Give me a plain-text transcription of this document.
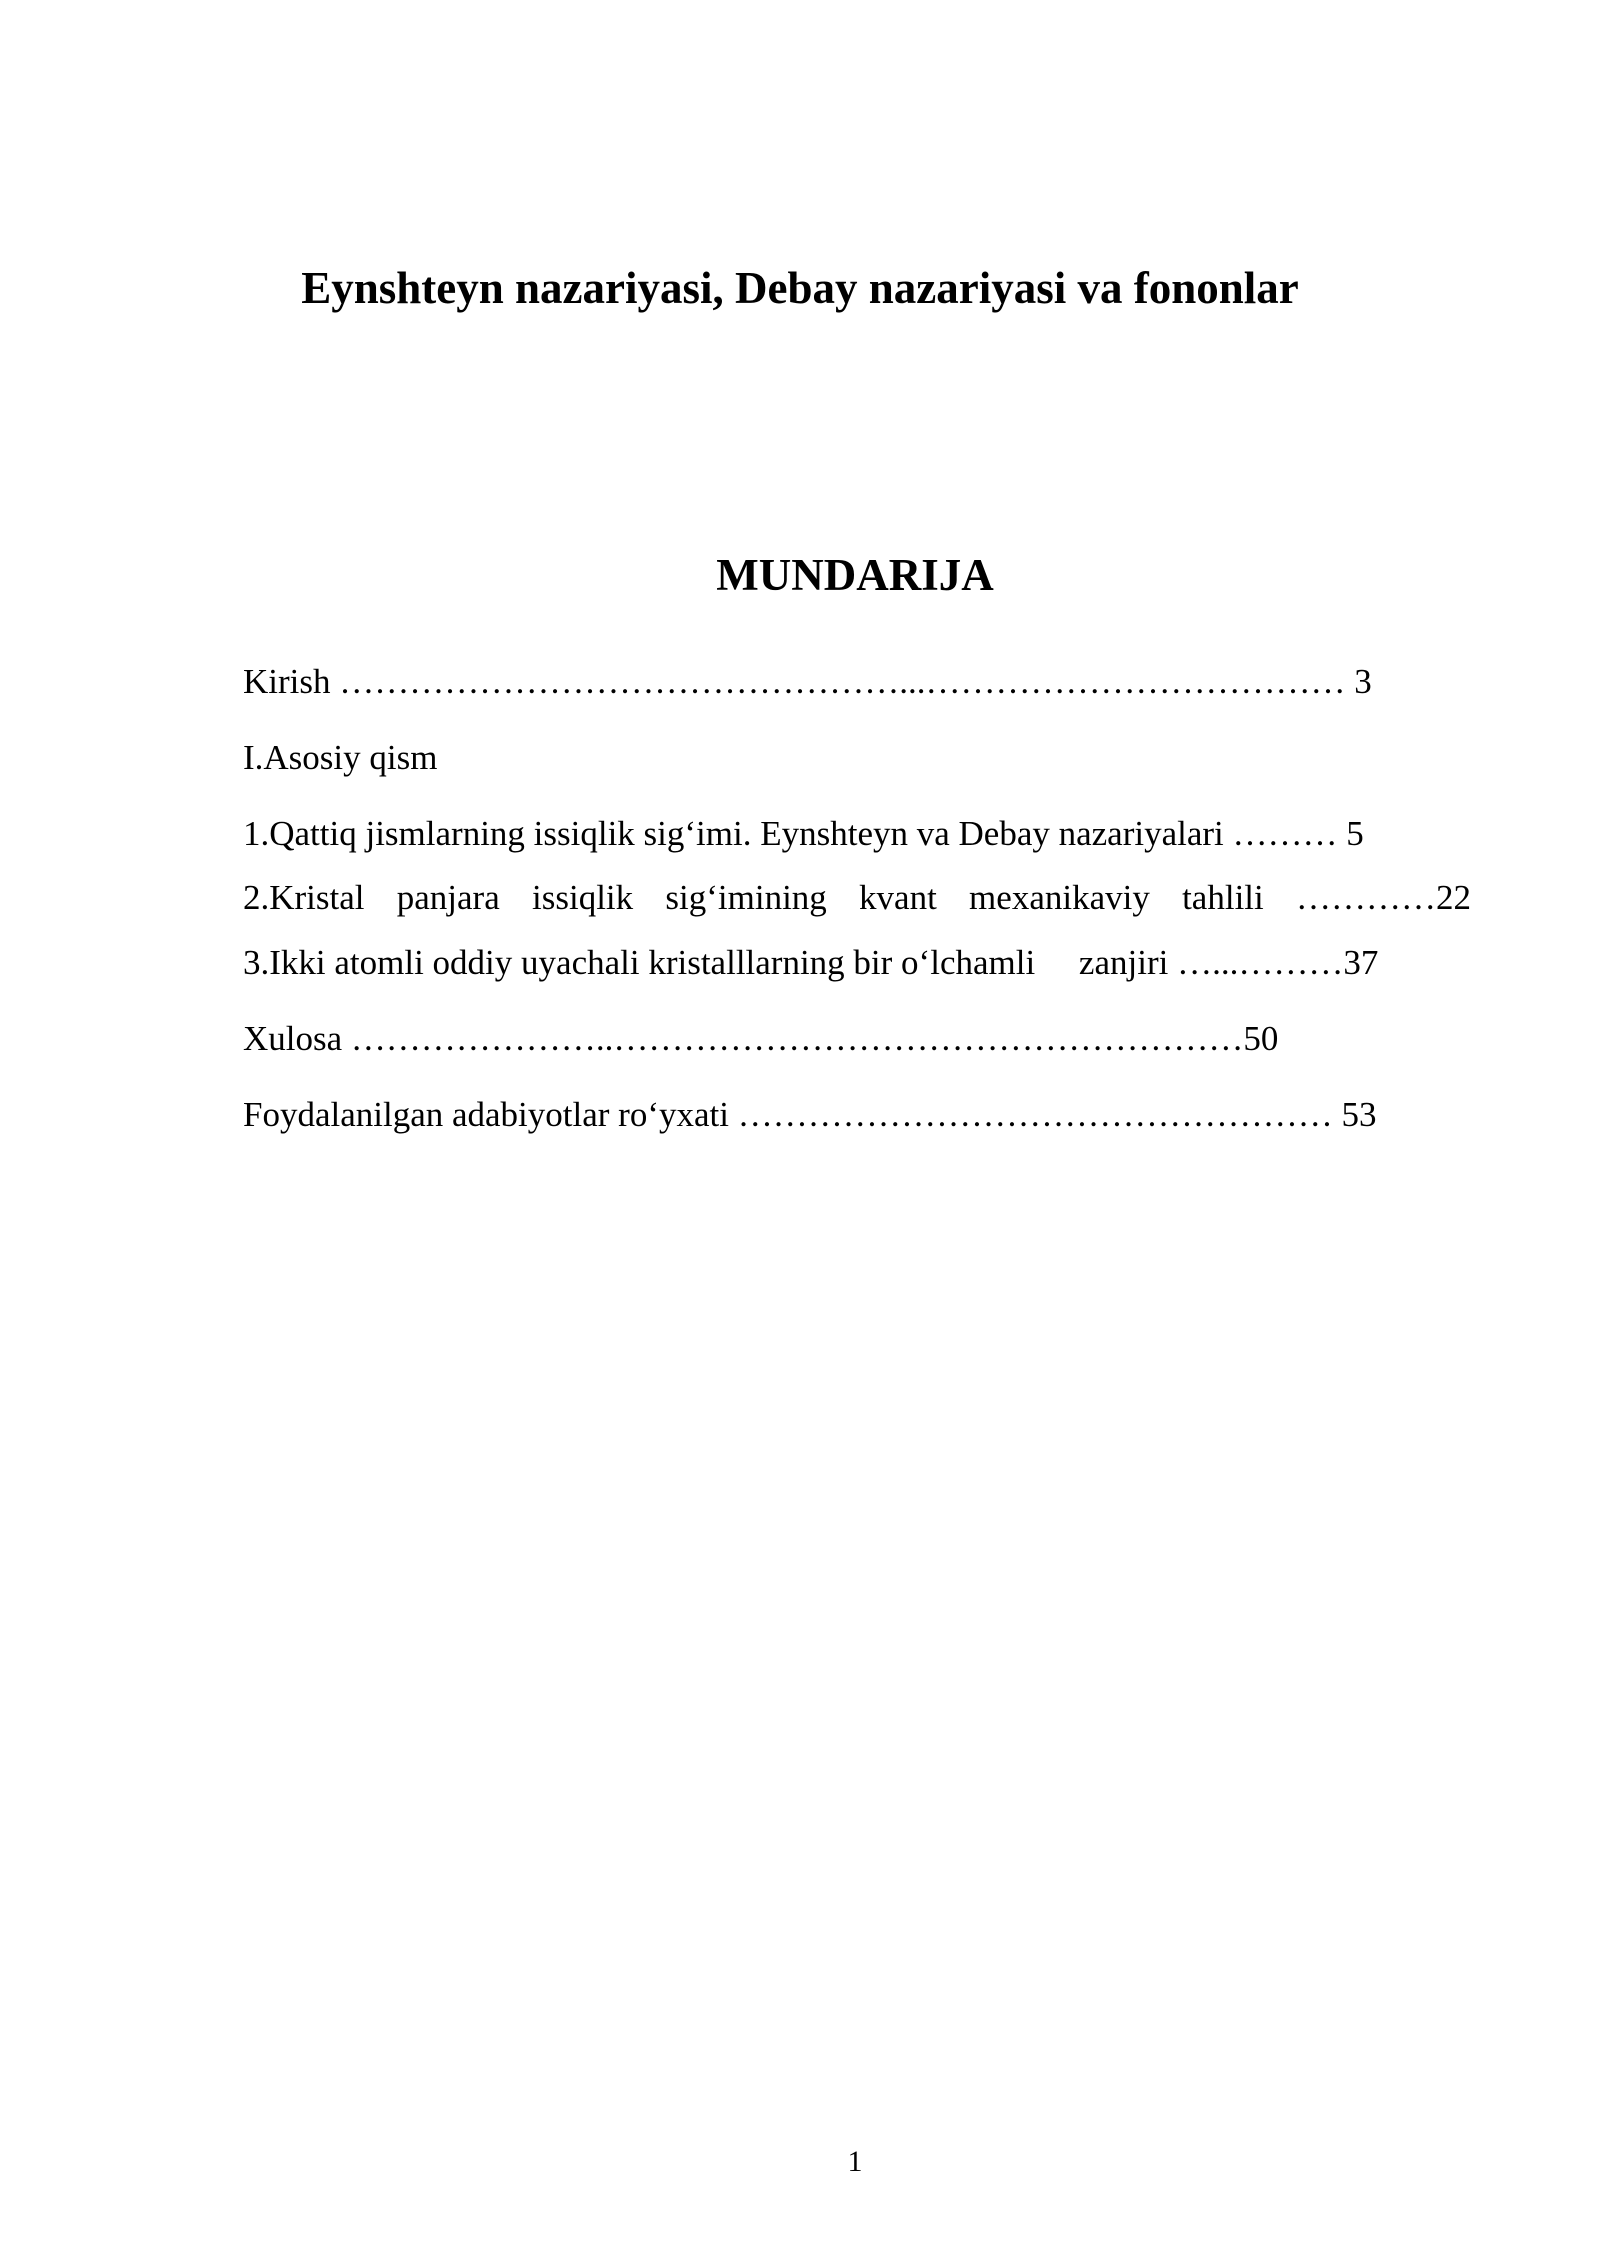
Eynshteyn nazariyasi, Debay nazariyasi va fononlar
MUNDARIJA

Kirish …………………………………………...……………………………… 3

I.Asosiy qism

1.Qattiq jismlarning issiqlik sig‘imi. Eynshteyn va Debay nazariyalari ……… 5

2.Kristal panjara issiqlik sig‘imining kvant mexanikaviy tahlili …………22

3.Ikki atomli oddiy uyachali kristalllarning bir o‘lchamli     zanjiri …...………37

Xulosa …………………..………………………………………………50

Foydalanilgan adabiyotlar ro‘yxati …………………………………………… 53

1
